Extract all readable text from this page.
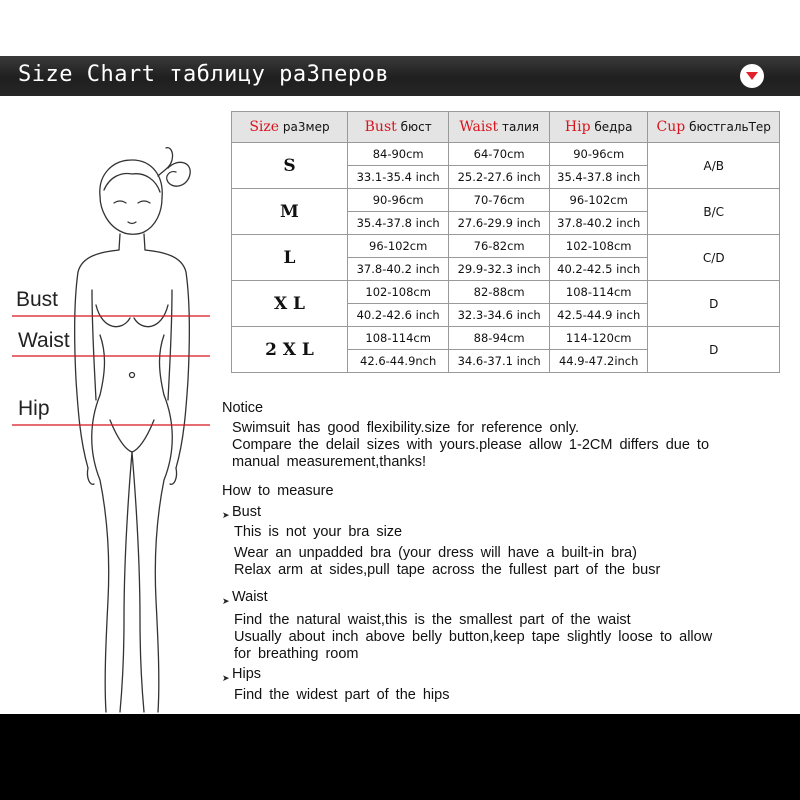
Size Chart таблицу ра3перов
Bust
Waist
Hip
Size ра3мер	Bust бюст	Waist талия	Hip бедра	Cup бюстгальТер
S	84-90cm	64-70cm	90-96cm	A/B
	33.1-35.4 inch	25.2-27.6 inch	35.4-37.8 inch	
M	90-96cm	70-76cm	96-102cm	B/C
	35.4-37.8 inch	27.6-29.9 inch	37.8-40.2 inch	
L	96-102cm	76-82cm	102-108cm	C/D
	37.8-40.2 inch	29.9-32.3 inch	40.2-42.5 inch	
X L	102-108cm	82-88cm	108-114cm	D
	40.2-42.6 inch	32.3-34.6 inch	42.5-44.9 inch	
2 X L	108-114cm	88-94cm	114-120cm	D
	42.6-44.9nch	34.6-37.1 inch	44.9-47.2inch	
Notice
Swimsuit has good flexibility.size for reference only.
Compare the delail sizes with yours.please allow 1-2CM differs due to
manual measurement,thanks!
How to measure
➤ Bust
This is not your bra size
Wear an unpadded bra (your dress will have a built-in bra)
Relax arm at sides,pull tape across the fullest part of the busr
➤ Waist
Find the natural waist,this is the smallest part of the waist
Usually about inch above belly button,keep tape slightly loose to allow
for breathing room
➤ Hips
Find the widest part of the hips
